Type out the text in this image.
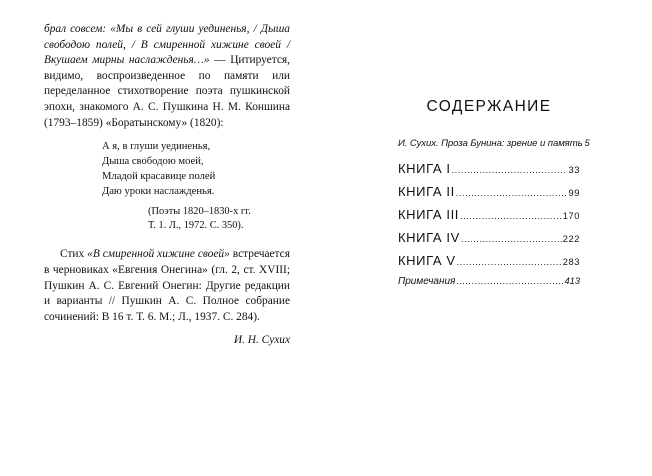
брал совсем: «Мы в сей глуши уединенья, / Дыша свободою полей, / В смиренной хижине своей / Вкушаем мирны наслажденья…» — Цитируется, видимо, воспроизведенное по памяти или переделанное стихотворение поэта пушкинской эпохи, знакомого А. С. Пушкина Н. М. Коншина (1793–1859) «Боратынскому» (1820):

А я, в глуши уединенья,
Дыша свободою моей,
Младой красавице полей
Даю уроки наслажденья.
(Поэты 1820–1830-х гг.
Т. 1. Л., 1972. С. 350).

Стих «В смиренной хижине своей» встречается в черновиках «Евгения Онегина» (гл. 2, ст. XVIII; Пушкин А. С. Евгений Онегин: Другие редакции и варианты // Пушкин А. С. Полное собрание сочинений: В 16 т. Т. 6. М.; Л., 1937. С. 284).

И. Н. Сухих

СОДЕРЖАНИЕ
И. Сухих. Проза Бунина: зрение и память 5
КНИГА I .....	33
КНИГА II .....	99
КНИГА III .....	170
КНИГА IV .....	222
КНИГА V .....	283
Примечания .....	413
